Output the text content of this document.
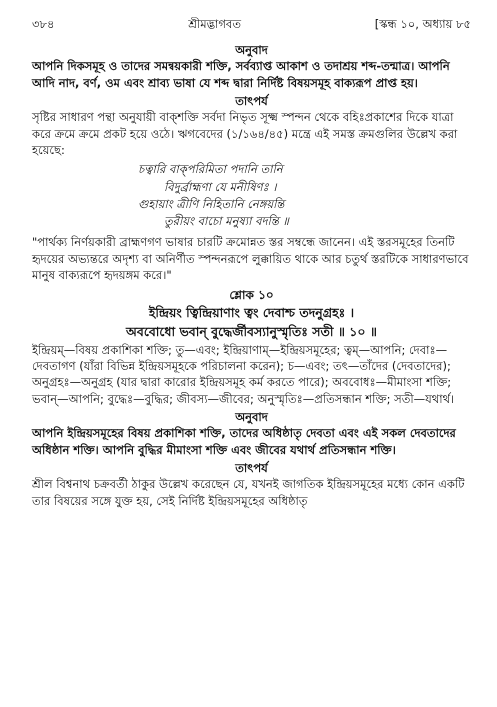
৩৮৪	শ্রীমদ্ভাগবত	[স্কন্ধ ১০, অধ্যায় ৮৫
অনুবাদ

আপনি দিকসমূহ ও তাদের সমন্বয়কারী শক্তি, সর্বব্যাপ্ত আকাশ ও তদাশ্রয় শব্দ-তন্মাত্র। আপনি আদি নাদ, বর্ণ, ওম এবং শ্রাব্য ভাষা যে শব্দ দ্বারা নির্দিষ্ট বিষয়সমূহ বাক্যরূপ প্রাপ্ত হয়।

তাৎপর্য

সৃষ্টির সাধারণ পন্থা অনুযায়ী বাক্শক্তি সর্বদা নিভৃত সূক্ষ্ম স্পন্দন থেকে বহিঃপ্রকাশের দিকে যাত্রা করে ক্রমে ক্রমে প্রকট হয়ে ওঠে। ঋগবেদের (১/১৬৪/৪৫) মন্ত্রে এই সমস্ত ক্রমগুলির উল্লেখ করা হয়েছে:

চত্বারি বাক্পরিমিতা পদানি তানি
বিদুর্ব্রাহ্মণা যে মনীষিণঃ ।
গুহায়াং ত্রীণি নিহিতানি নেঙ্গয়ন্তি
তুরীয়ং বাচো মনুষ্যা বদন্তি ॥

"পার্থক্য নির্ণয়কারী ব্রাহ্মণগণ ভাষার চারটি ক্রমোন্নত স্তর সম্বন্ধে জানেন। এই স্তরসমূহের তিনটি হৃদয়ের অভ্যন্তরে অদৃশ্য বা অনির্ণীত স্পন্দনরূপে লুক্কায়িত থাকে আর চতুর্থ স্তরটিকে সাধারণভাবে মানুষ বাক্যরূপে হৃদয়ঙ্গম করে।"

শ্লোক ১০
ইন্দ্রিয়ং ত্বিন্দ্রিয়াণাং ত্বং দেবাশ্চ তদনুগ্রহঃ ।
অববোধো ভবান্ বুদ্ধের্জীবস্যানুস্মৃতিঃ সতী ॥ ১০ ॥

ইন্দ্রিয়ম্—বিষয় প্রকাশিকা শক্তি; তু—এবং; ইন্দ্রিয়াণাম্—ইন্দ্রিয়সমূহের; ত্বম্—আপনি; দেবাঃ—দেবতাগণ (যাঁরা বিভিন্ন ইন্দ্রিয়সমূহকে পরিচালনা করেন); চ—এবং; তৎ—তাঁদের (দেবতাদের); অনুগ্রহঃ—অনুগ্রহ (যার দ্বারা কারোর ইন্দ্রিয়সমূহ কর্ম করতে পারে); অববোধঃ—মীমাংসা শক্তি; ভবান্—আপনি; বুদ্ধেঃ—বুদ্ধির; জীবস্য—জীবের; অনুস্মৃতিঃ—প্রতিসন্ধান শক্তি; সতী—যথার্থ।

অনুবাদ

আপনি ইন্দ্রিয়সমূহের বিষয় প্রকাশিকা শক্তি, তাদের অধিষ্ঠাতৃ দেবতা এবং এই সকল দেবতাদের অধিষ্ঠান শক্তি। আপনি বুদ্ধির মীমাংসা শক্তি এবং জীবের যথার্থ প্রতিসন্ধান শক্তি।

তাৎপর্য

শ্রীল বিশ্বনাথ চক্রবর্তী ঠাকুর উল্লেখ করেছেন যে, যখনই জাগতিক ইন্দ্রিয়সমূহের মধ্যে কোন একটি তার বিষয়ের সঙ্গে যুক্ত হয়, সেই নির্দিষ্ট ইন্দ্রিয়সমূহের অধিষ্ঠাতৃ
